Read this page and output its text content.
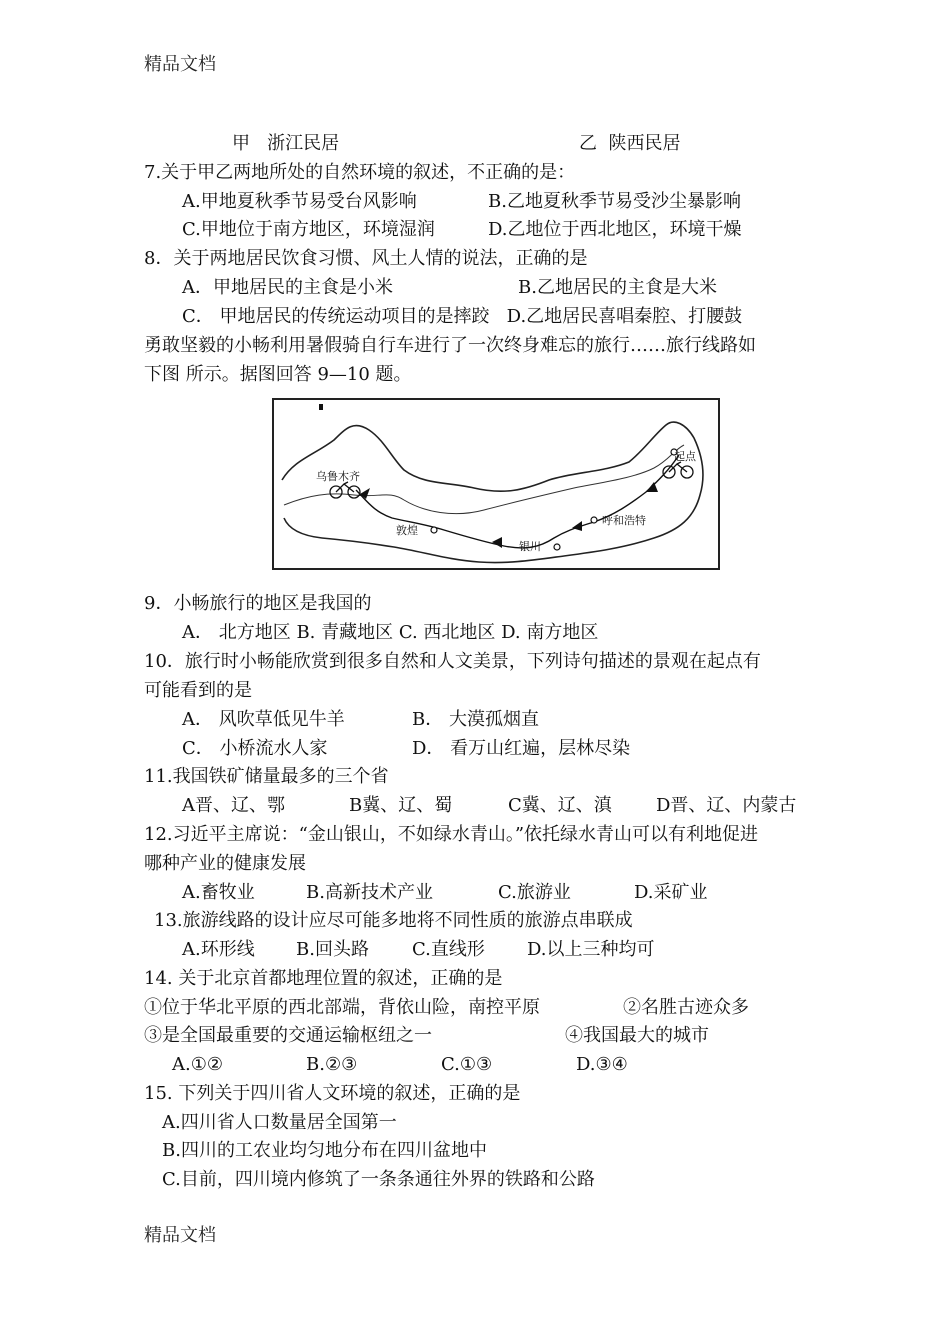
精品文档
甲   浙江民居	乙  陕西民居
7.关于甲乙两地所处的自然环境的叙述，不正确的是：
A.甲地夏秋季节易受台风影响	B.乙地夏秋季节易受沙尘暴影响
C.甲地位于南方地区，环境湿润	D.乙地位于西北地区，环境干燥
8．关于两地居民饮食习惯、风土人情的说法，正确的是
A．甲地居民的主食是小米	B.乙地居民的主食是大米
C． 甲地居民的传统运动项目的是摔跤   D.乙地居民喜唱秦腔、打腰鼓
勇敢坚毅的小畅利用暑假骑自行车进行了一次终身难忘的旅行……旅行线路如
下图 所示。据图回答 9—10 题。
乌鲁木齐
敦煌
银川
呼和浩特
起点
9．小畅旅行的地区是我国的
A． 北方地区 B. 青藏地区 C. 西北地区 D. 南方地区
10．旅行时小畅能欣赏到很多自然和人文美景，下列诗句描述的景观在起点有
可能看到的是
A． 风吹草低见牛羊	B． 大漠孤烟直
C． 小桥流水人家	D． 看万山红遍，层林尽染
11.我国铁矿储量最多的三个省
A晋、辽、鄂	B冀、辽、蜀	C冀、辽、滇 D晋、辽、内蒙古
12.习近平主席说：“金山银山，不如绿水青山。”依托绿水青山可以有利地促进
哪种产业的健康发展
A.畜牧业	B.高新技术产业	C.旅游业	D.采矿业
13.旅游线路的设计应尽可能多地将不同性质的旅游点串联成
A.环形线 B.回头路 C.直线形 D.以上三种均可
14. 关于北京首都地理位置的叙述，正确的是
①位于华北平原的西北部端，背依山险，南控平原	②名胜古迹众多
③是全国最重要的交通运输枢纽之一	④我国最大的城市
A.①②	B.②③	C.①③	D.③④
15. 下列关于四川省人文环境的叙述，正确的是
A.四川省人口数量居全国第一
B.四川的工农业均匀地分布在四川盆地中
C.目前，四川境内修筑了一条条通往外界的铁路和公路
精品文档
